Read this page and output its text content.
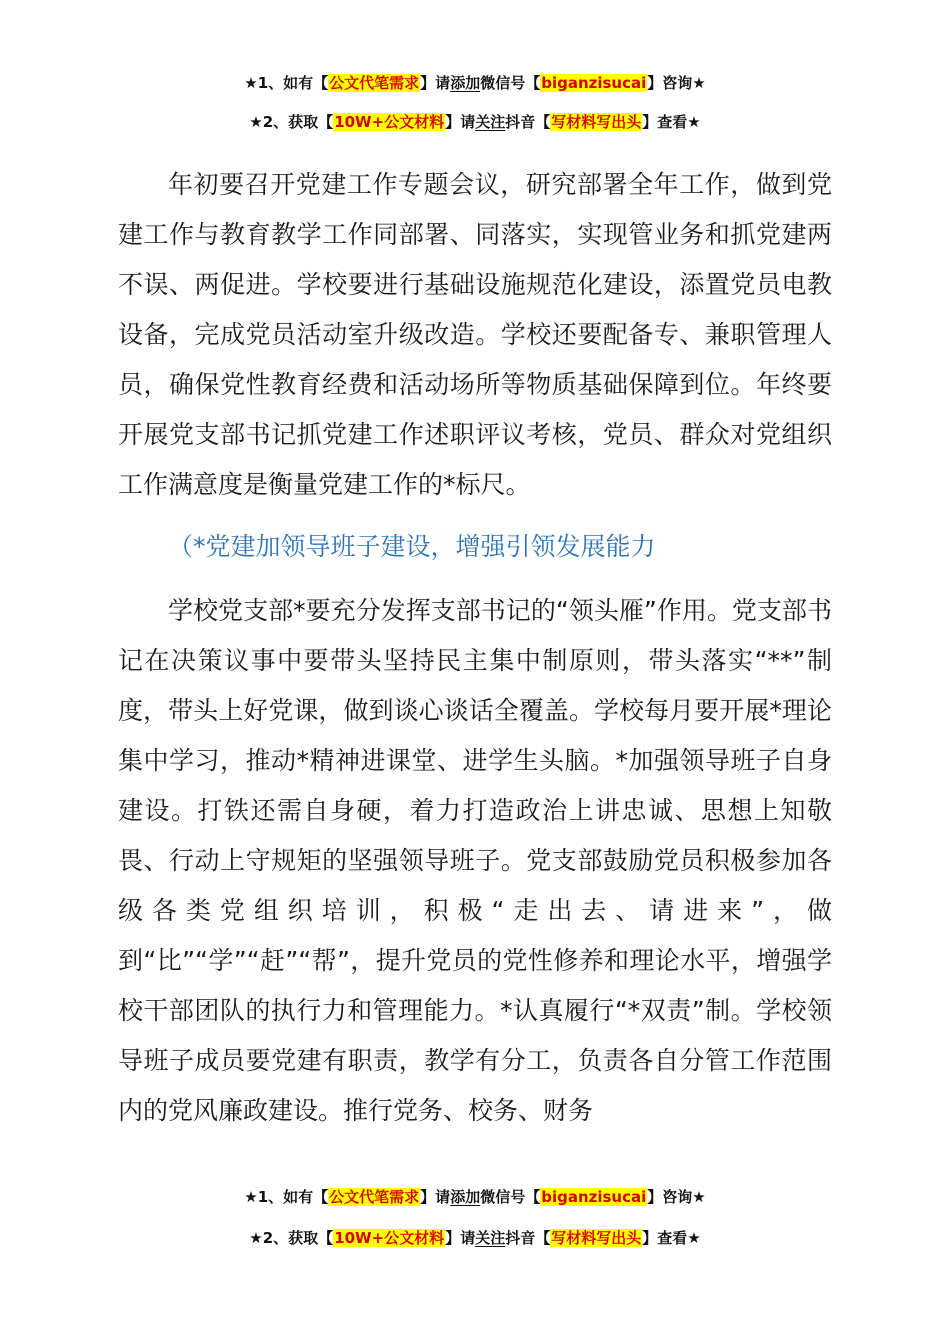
★1、如有【公文代笔需求】请添加微信号【biganzisucai】咨询★
★2、获取【10W+公文材料】请关注抖音【写材料写出头】查看★

年初要召开党建工作专题会议，研究部署全年工作，做到党建工作与教育教学工作同部署、同落实，实现管业务和抓党建两不误、两促进。学校要进行基础设施规范化建设，添置党员电教设备，完成党员活动室升级改造。学校还要配备专、兼职管理人员，确保党性教育经费和活动场所等物质基础保障到位。年终要开展党支部书记抓党建工作述职评议考核，党员、群众对党组织工作满意度是衡量党建工作的*标尺。

（*党建加领导班子建设，增强引领发展能力

学校党支部*要充分发挥支部书记的“领头雁”作用。党支部书记在决策议事中要带头坚持民主集中制原则，带头落实“**”制度，带头上好党课，做到谈心谈话全覆盖。学校每月要开展*理论集中学习，推动*精神进课堂、进学生头脑。*加强领导班子自身建设。打铁还需自身硬，着力打造政治上讲忠诚、思想上知敬畏、行动上守规矩的坚强领导班子。党支部鼓励党员积极参加各级各类党组织培训，积极“走出去、请进来”，做到“比”“学”“赶”“帮”，提升党员的党性修养和理论水平，增强学校干部团队的执行力和管理能力。*认真履行“*双责”制。学校领导班子成员要党建有职责，教学有分工，负责各自分管工作范围内的党风廉政建设。推行党务、校务、财务

★1、如有【公文代笔需求】请添加微信号【biganzisucai】咨询★
★2、获取【10W+公文材料】请关注抖音【写材料写出头】查看★
